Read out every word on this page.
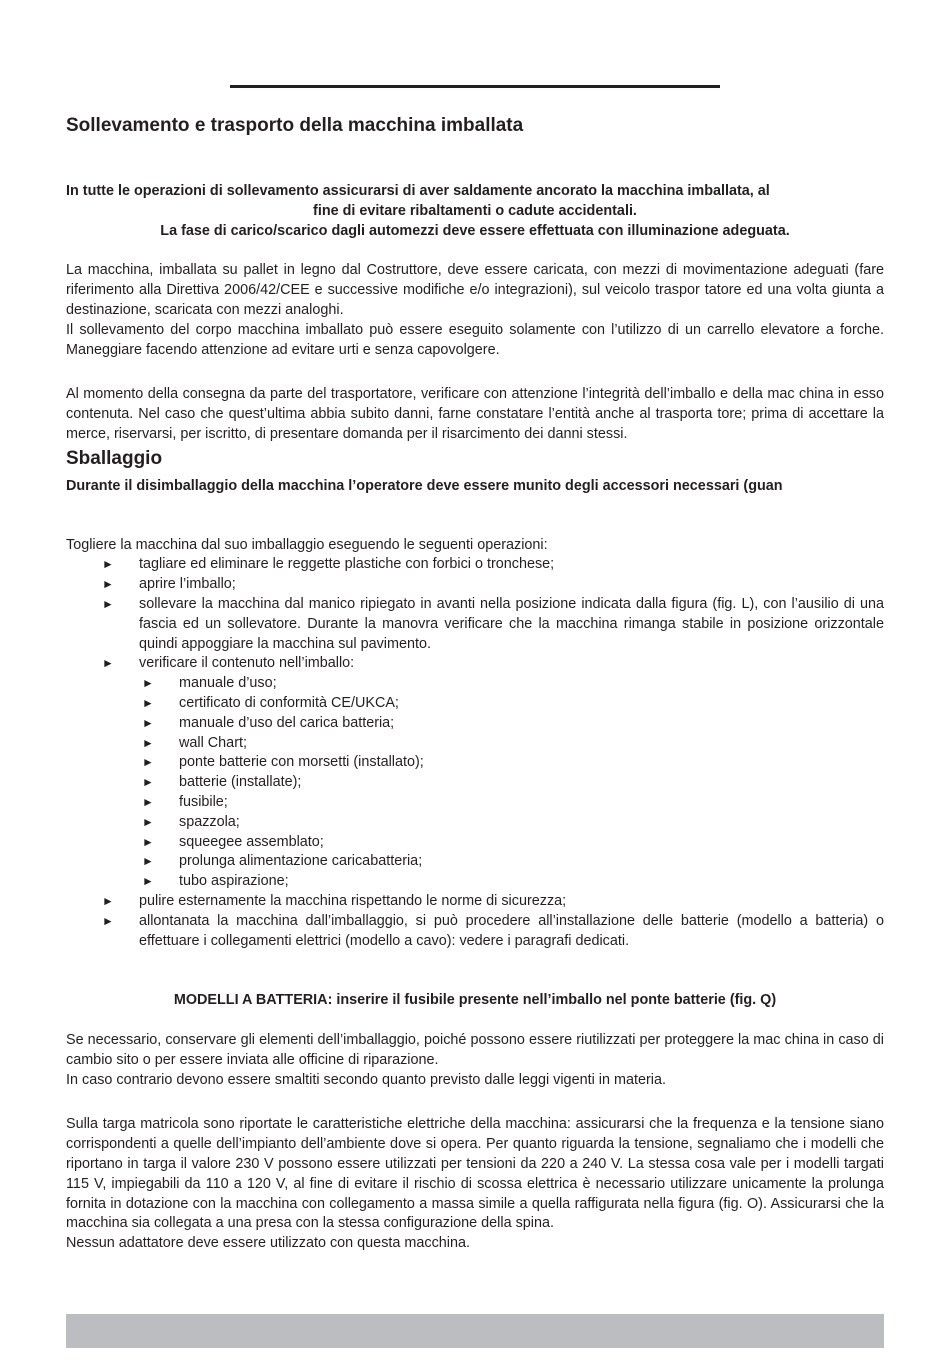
Sollevamento e trasporto della macchina imballata

In tutte le operazioni di sollevamento assicurarsi di aver saldamente ancorato la macchina imballata, al

fine di evitare ribaltamenti o cadute accidentali.

La fase di carico/scarico dagli automezzi deve essere effettuata con illuminazione adeguata.

La macchina, imballata su pallet in legno dal Costruttore, deve essere caricata, con mezzi di movimentazione adeguati (fare riferimento alla Direttiva 2006/42/CEE e successive modifiche e/o integrazioni), sul veicolo traspor tatore ed una volta giunta a destinazione, scaricata con mezzi analoghi.

Il sollevamento del corpo macchina imballato può essere eseguito solamente con l’utilizzo di un carrello elevatore a forche. Maneggiare facendo attenzione ad evitare urti e senza capovolgere.

Al momento della consegna da parte del trasportatore, verificare con attenzione l’integrità dell’imballo e della mac china in esso contenuta. Nel caso che quest’ultima abbia subito danni, farne constatare l’entità anche al trasporta tore; prima di accettare la merce, riservarsi, per iscritto, di presentare domanda per il risarcimento dei danni stessi.

Sballaggio

Durante il disimballaggio della macchina l’operatore deve essere munito degli accessori necessari (guan

Togliere la macchina dal suo imballaggio eseguendo le seguenti operazioni:

► tagliare ed eliminare le reggette plastiche con forbici o tronchese;
► aprire l’imballo;
► sollevare la macchina dal manico ripiegato in avanti nella posizione indicata dalla figura (fig. L), con l’ausilio di una fascia ed un sollevatore. Durante la manovra verificare che la macchina rimanga stabile in posizione orizzontale quindi appoggiare la macchina sul pavimento.
► verificare il contenuto nell’imballo:
► manuale d’uso;
► certificato di conformità CE/UKCA;
► manuale d’uso del carica batteria;
► wall Chart;
► ponte batterie con morsetti (installato);
► batterie (installate);
► fusibile;
► spazzola;
► squeegee assemblato;
► prolunga alimentazione caricabatteria;
► tubo aspirazione;
► pulire esternamente la macchina rispettando le norme di sicurezza;
► allontanata la macchina dall’imballaggio, si può procedere all’installazione delle batterie (modello a batteria) o effettuare i collegamenti elettrici (modello a cavo): vedere i paragrafi dedicati.

MODELLI A BATTERIA: inserire il fusibile presente nell’imballo nel ponte batterie (fig. Q)

Se necessario, conservare gli elementi dell’imballaggio, poiché possono essere riutilizzati per proteggere la mac china in caso di cambio sito o per essere inviata alle officine di riparazione.

In caso contrario devono essere smaltiti secondo quanto previsto dalle leggi vigenti in materia.

Sulla targa matricola sono riportate le caratteristiche elettriche della macchina: assicurarsi che la frequenza e la tensione siano corrispondenti a quelle dell’impianto dell’ambiente dove si opera. Per quanto riguarda la tensione, segnaliamo che i modelli che riportano in targa il valore 230 V possono essere utilizzati per tensioni da 220 a 240 V. La stessa cosa vale per i modelli targati 115 V, impiegabili da 110 a 120 V, al fine di evitare il rischio di scossa elettrica è necessario utilizzare unicamente la prolunga fornita in dotazione con la macchina con collegamento a massa simile a quella raffigurata nella figura (fig. O). Assicurarsi che la macchina sia collegata a una presa con la stessa configurazione della spina.

Nessun adattatore deve essere utilizzato con questa macchina.
